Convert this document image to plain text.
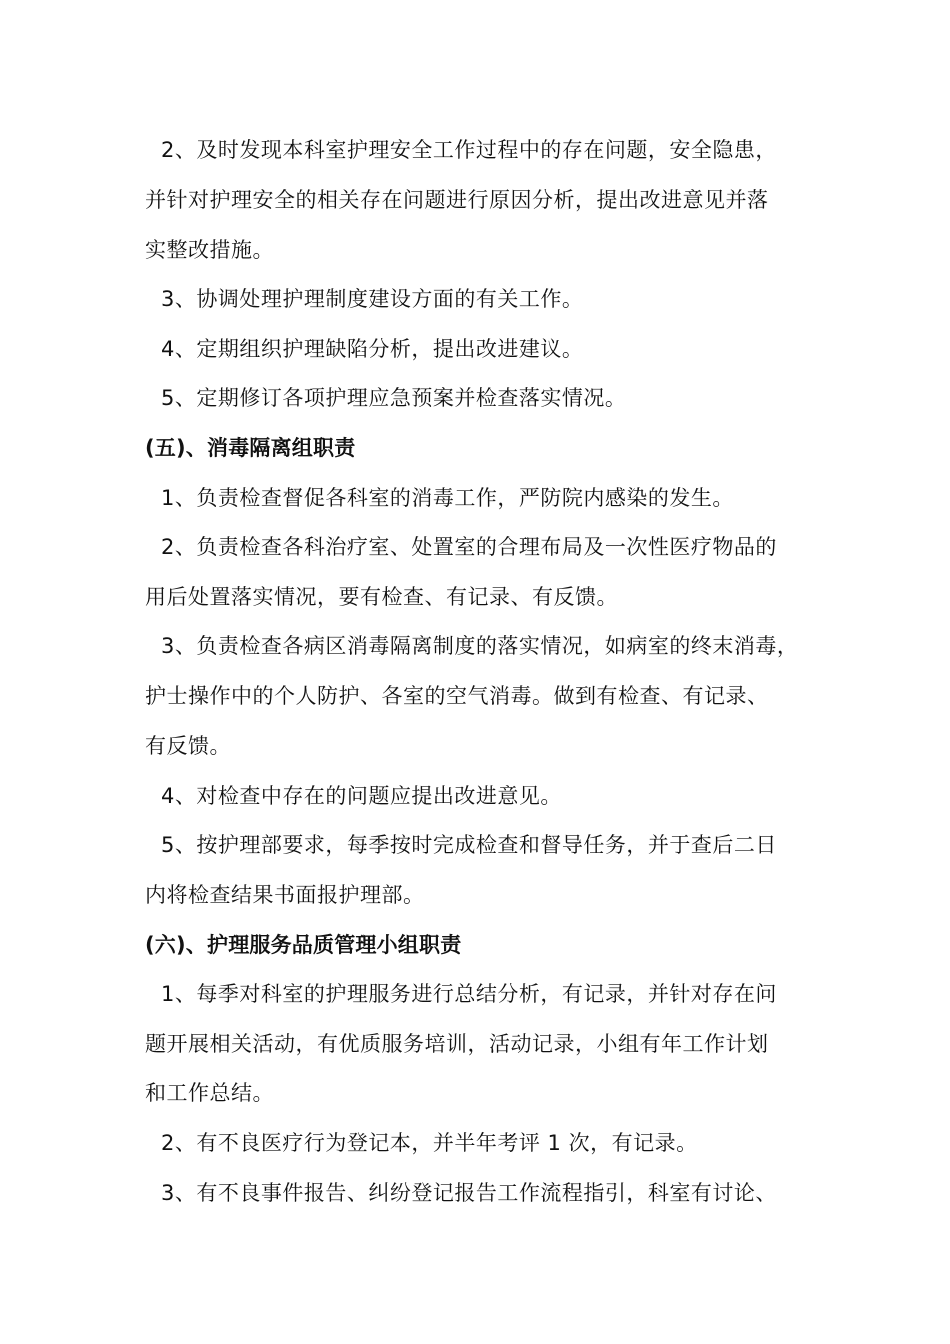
2、及时发现本科室护理安全工作过程中的存在问题，安全隐患，
并针对护理安全的相关存在问题进行原因分析，提出改进意见并落
实整改措施。
3、协调处理护理制度建设方面的有关工作。
4、定期组织护理缺陷分析，提出改进建议。
5、定期修订各项护理应急预案并检查落实情况。
(五)、消毒隔离组职责
1、负责检查督促各科室的消毒工作，严防院内感染的发生。
2、负责检查各科治疗室、处置室的合理布局及一次性医疗物品的
用后处置落实情况，要有检查、有记录、有反馈。
3、负责检查各病区消毒隔离制度的落实情况，如病室的终末消毒，
护士操作中的个人防护、各室的空气消毒。做到有检查、有记录、
有反馈。
4、对检查中存在的问题应提出改进意见。
5、按护理部要求，每季按时完成检查和督导任务，并于查后二日
内将检查结果书面报护理部。
(六)、护理服务品质管理小组职责
1、每季对科室的护理服务进行总结分析，有记录，并针对存在问
题开展相关活动，有优质服务培训，活动记录，小组有年工作计划
和工作总结。
2、有不良医疗行为登记本，并半年考评 1 次，有记录。
3、有不良事件报告、纠纷登记报告工作流程指引，科室有讨论、
